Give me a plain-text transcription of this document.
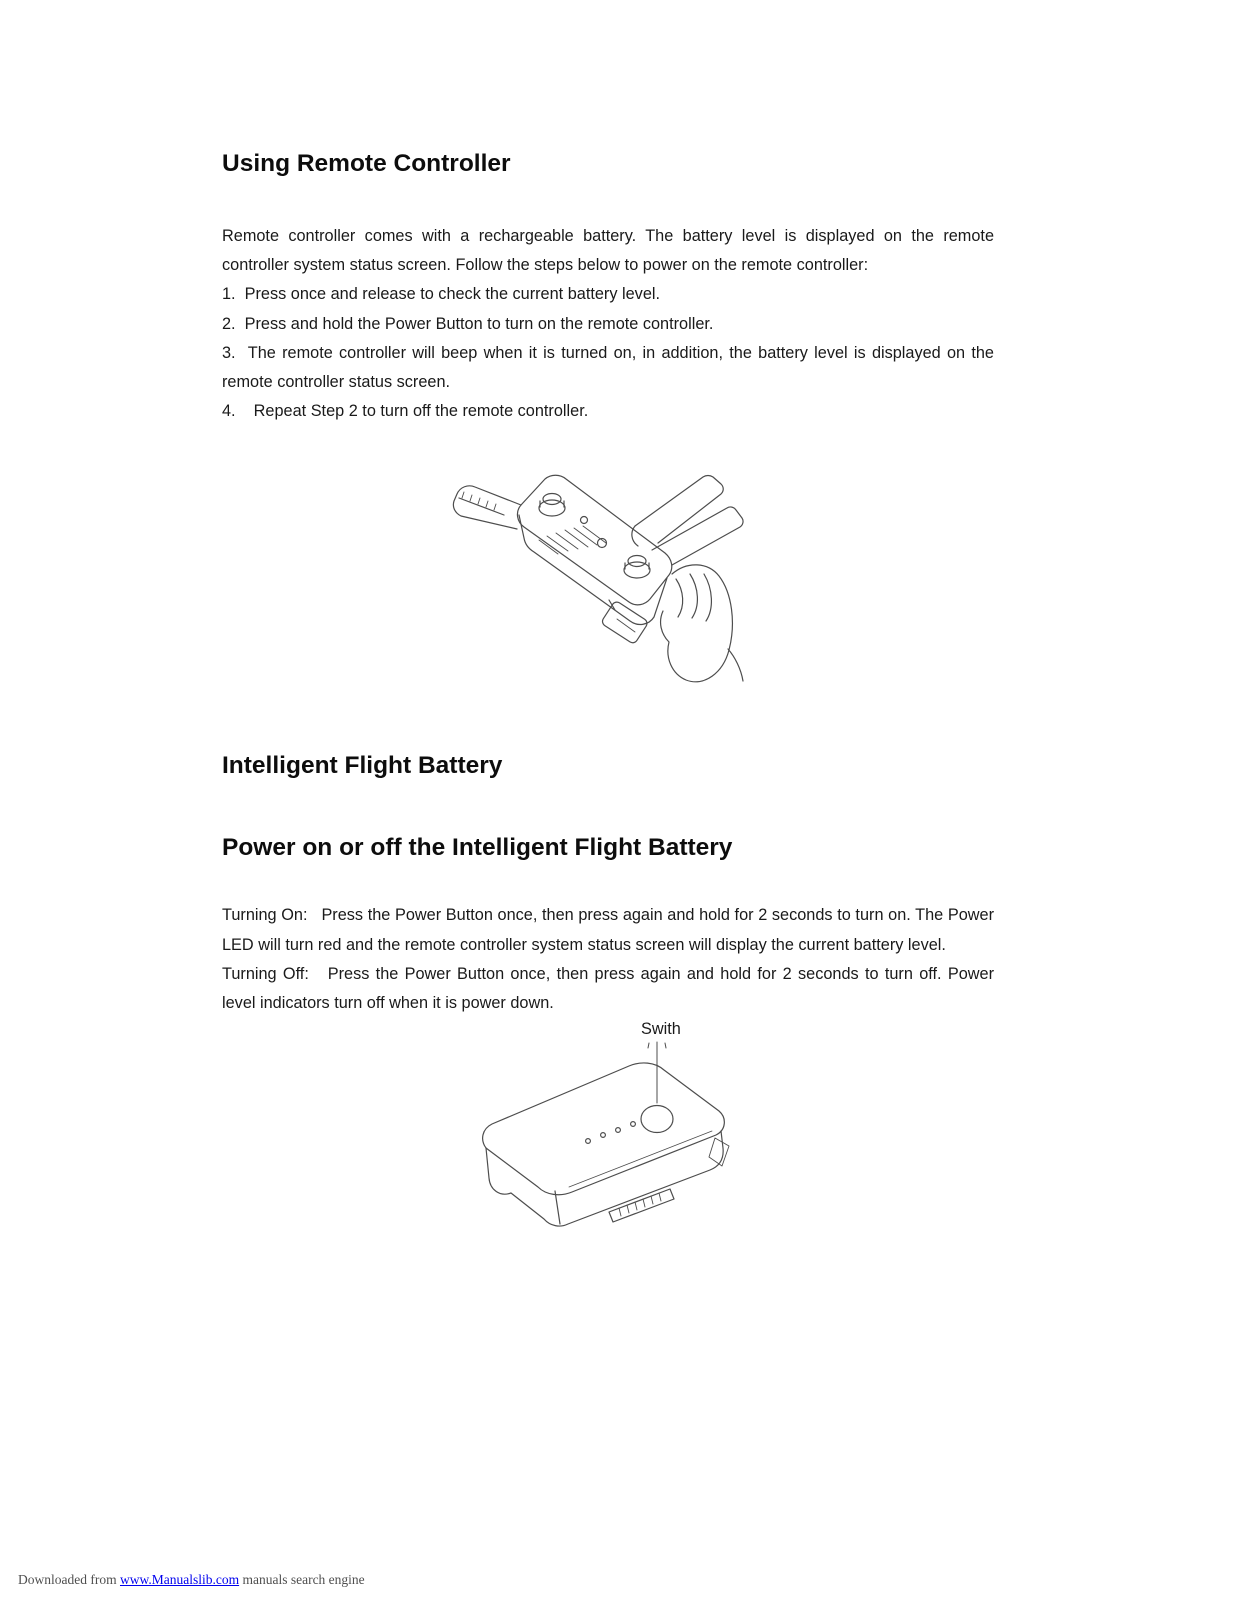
Using Remote Controller

Remote controller comes with a rechargeable battery. The battery level is displayed on the remote controller system status screen. Follow the steps below to power on the remote controller:

1.  Press once and release to check the current battery level.

2.  Press and hold the Power Button to turn on the remote controller.

3.  The remote controller will beep when it is turned on, in addition, the battery level is displayed on the remote controller status screen.

4.    Repeat Step 2 to turn off the remote controller.

Intelligent Flight Battery
Power on or off the Intelligent Flight Battery

Turning On:   Press the Power Button once, then press again and hold for 2 seconds to turn on. The Power LED will turn red and the remote controller system status screen will display the current battery level.

Turning Off:   Press the Power Button once, then press again and hold for 2 seconds to turn off. Power level indicators turn off when it is power down.

Swith
Downloaded from www.Manualslib.com manuals search engine
